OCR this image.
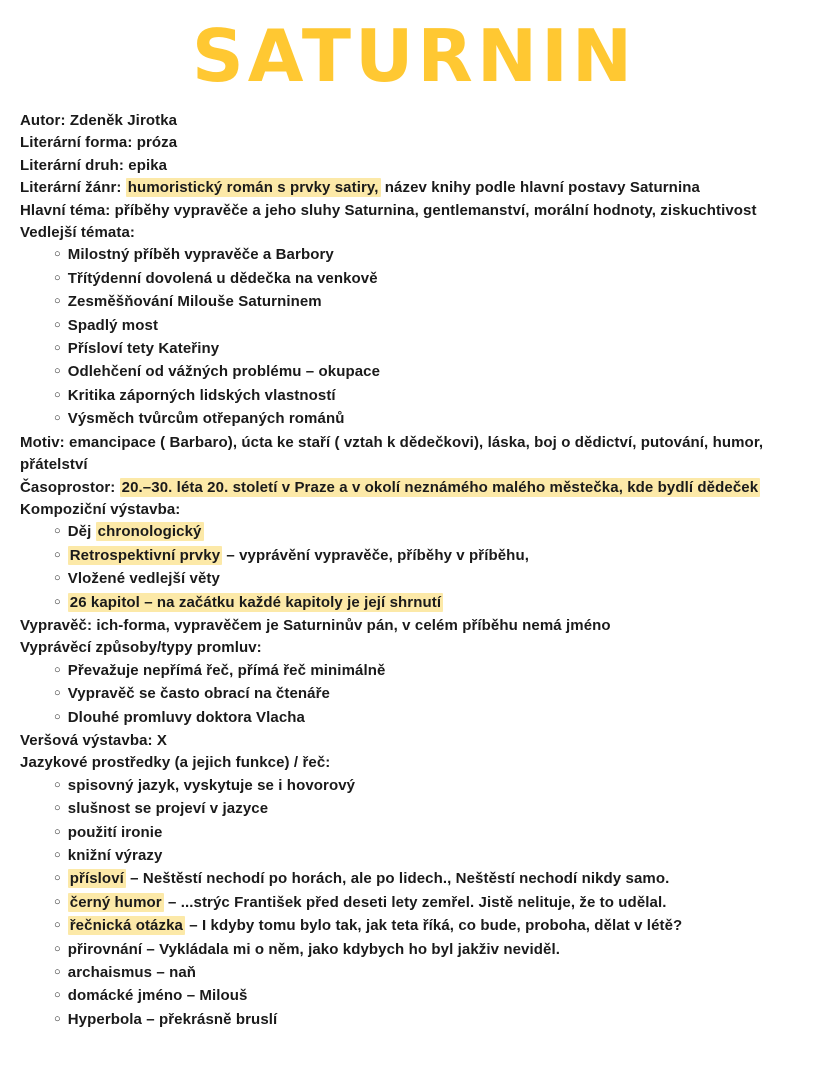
SATURNIN
Autor: Zdeněk Jirotka
Literární forma: próza
Literární druh: epika
Literární žánr: humoristický román s prvky satiry, název knihy podle hlavní postavy Saturnina
Hlavní téma: příběhy vypravěče a jeho sluhy Saturnina, gentlemanství, morální hodnoty, ziskuchtivost
Vedlejší témata:
○ Milostný příběh vypravěče a Barbory
○ Třítýdenní dovolená u dědečka na venkově
○ Zesměšňování Milouše Saturninem
○ Spadlý most
○ Přísloví tety Kateřiny
○ Odlehčení od vážných problému – okupace
○ Kritika záporných lidských vlastností
○ Výsměch tvůrcům otřepaných románů
Motiv: emancipace ( Barbaro), úcta ke staří ( vztah k dědečkovi), láska, boj o dědictví, putování, humor, přátelství
Časoprostor: 20.–30. léta 20. století v Praze a v okolí neznámého malého městečka, kde bydlí dědeček
Kompoziční výstavba:
○ Děj chronologický
○ Retrospektivní prvky – vyprávění vypravěče, příběhy v příběhu,
○ Vložené vedlejší věty
○ 26 kapitol – na začátku každé kapitoly je její shrnutí
Vypravěč: ich-forma, vypravěčem je Saturninův pán, v celém příběhu nemá jméno
Vyprávěcí způsoby/typy promluv:
○ Převažuje nepřímá řeč, přímá řeč minimálně
○ Vypravěč se často obrací na čtenáře
○ Dlouhé promluvy doktora Vlacha
Veršová výstavba: X
Jazykové prostředky (a jejich funkce) / řeč:
○ spisovný jazyk, vyskytuje se i hovorový
○ slušnost se projeví v jazyce
○ použití ironie
○ knižní výrazy
○ přísloví – Neštěstí nechodí po horách, ale po lidech., Neštěstí nechodí nikdy samo.
○ černý humor – ...strýc František před deseti lety zemřel. Jistě nelituje, že to udělal.
○ řečnická otázka – I kdyby tomu bylo tak, jak teta říká, co bude, proboha, dělat v létě?
○ přirovnání – Vykládala mi o něm, jako kdybych ho byl jakživ neviděl.
○ archaismus – naň
○ domácké jméno – Milouš
○ Hyperbola – překrásně bruslí
